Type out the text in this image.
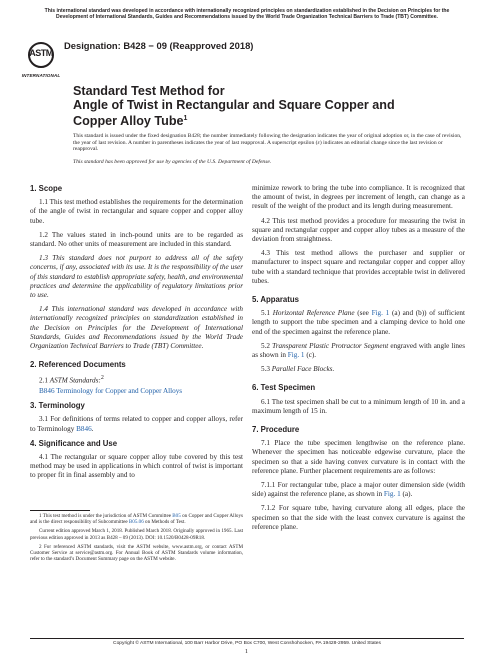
This international standard was developed in accordance with internationally recognized principles on standardization established in the Decision on Principles for the Development of International Standards, Guides and Recommendations issued by the World Trade Organization Technical Barriers to Trade (TBT) Committee.
ASTM
INTERNATIONAL
Designation: B428 − 09 (Reapproved 2018)
Standard Test Method for
Angle of Twist in Rectangular and Square Copper and
Copper Alloy Tube$^1$
This standard is issued under the fixed designation B428; the number immediately following the designation indicates the year of original adoption or, in the case of revision, the year of last revision. A number in parentheses indicates the year of last reapproval. A superscript epsilon (ε) indicates an editorial change since the last revision or reapproval.
This standard has been approved for use by agencies of the U.S. Department of Defense.
1. Scope

1.1 This test method establishes the requirements for the determination of the angle of twist in rectangular and square copper and copper alloy tube.

1.2 The values stated in inch-pound units are to be regarded as standard. No other units of measurement are included in this standard.

1.3 This standard does not purport to address all of the safety concerns, if any, associated with its use. It is the responsibility of the user of this standard to establish appropriate safety, health, and environmental practices and determine the applicability of regulatory limitations prior to use.

1.4 This international standard was developed in accordance with internationally recognized principles on standardization established in the Decision on Principles for the Development of International Standards, Guides and Recommendations issued by the World Trade Organization Technical Barriers to Trade (TBT) Committee.

2. Referenced Documents
2.1 ASTM Standards:$^2$
B846 Terminology for Copper and Copper Alloys
3. Terminology

3.1 For definitions of terms related to copper and copper alloys, refer to Terminology B846.

4. Significance and Use

4.1 The rectangular or square copper alloy tube covered by this test method may be used in applications in which control of twist is important to proper fit in final assembly and to

minimize rework to bring the tube into compliance. It is recognized that the amount of twist, in degrees per increment of length, can change as a result of the weight of the product and its length during measurement.

4.2 This test method provides a procedure for measuring the twist in square and rectangular copper and copper alloy tubes as a measure of the deviation from straightness.

4.3 This test method allows the purchaser and supplier or manufacturer to inspect square and rectangular copper and copper alloy tube with a standard technique that provides acceptable twist in delivered tubes.

5. Apparatus

5.1 Horizontal Reference Plane (see Fig. 1 (a) and (b)) of sufficient length to support the tube specimen and a clamping device to hold one end of the specimen against the reference plane.

5.2 Transparent Plastic Protractor Segment engraved with angle lines as shown in Fig. 1 (c).

5.3 Parallel Face Blocks.

6. Test Specimen

6.1 The test specimen shall be cut to a minimum length of 10 in. and a maximum length of 15 in.

7. Procedure

7.1 Place the tube specimen lengthwise on the reference plane. Whenever the specimen has noticeable edgewise curvature, place the specimen so that a side having convex curvature is in contact with the reference plane. Further placement requirements are as follows:

7.1.1 For rectangular tube, place a major outer dimension side (width side) against the reference plane, as shown in Fig. 1 (a).

7.1.2 For square tube, having curvature along all edges, place the specimen so that the side with the least convex curvature is against the reference plane.

1 This test method is under the jurisdiction of ASTM Committee B05 on Copper and Copper Alloys and is the direct responsibility of Subcommittee B05.06 on Methods of Test.

Current edition approved March 1, 2018. Published March 2018. Originally approved in 1965. Last previous edition approved in 2013 as B428 – 09 (2013). DOI: 10.1520/B0428-09R18.

2 For referenced ASTM standards, visit the ASTM website, www.astm.org, or contact ASTM Customer Service at service@astm.org. For Annual Book of ASTM Standards volume information, refer to the standard’s Document Summary page on the ASTM website.

Copyright © ASTM International, 100 Barr Harbor Drive, PO Box C700, West Conshohocken, PA 19428-2959. United States
1
